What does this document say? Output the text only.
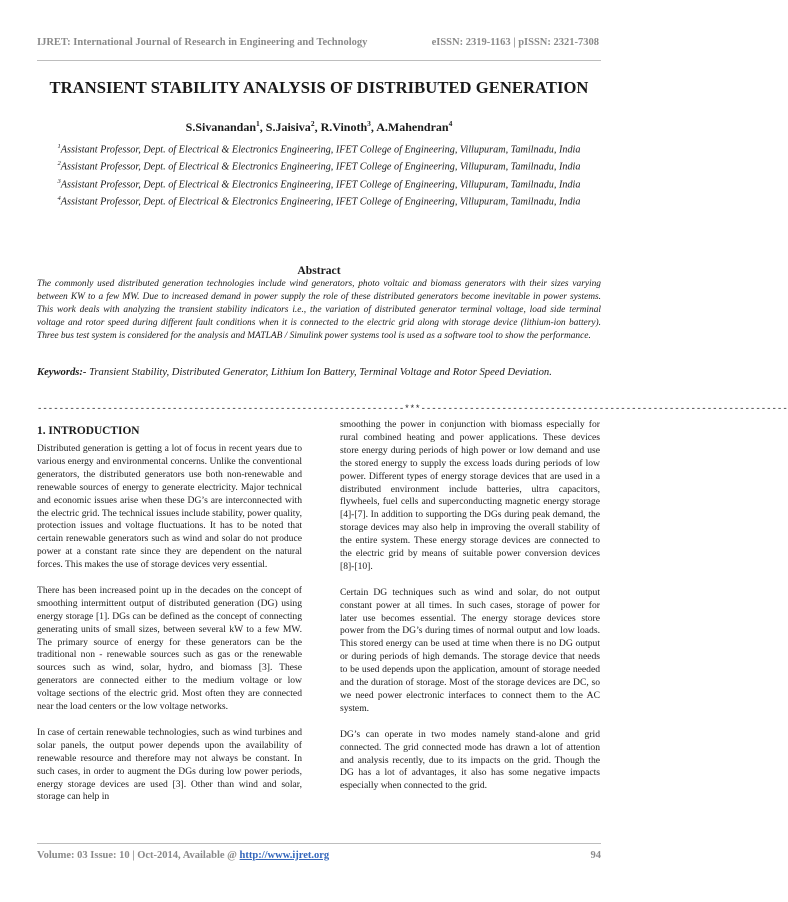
IJRET: International Journal of Research in Engineering and Technology	eISSN: 2319-1163 | pISSN: 2321-7308
TRANSIENT STABILITY ANALYSIS OF DISTRIBUTED GENERATION
S.Sivanandan$^1$, S.Jaisiva$^2$, R.Vinoth$^3$, A.Mahendran$^4$
$^1$Assistant Professor, Dept. of Electrical & Electronics Engineering, IFET College of Engineering, Villupuram, Tamilnadu, India
$^2$Assistant Professor, Dept. of Electrical & Electronics Engineering, IFET College of Engineering, Villupuram, Tamilnadu, India
$^3$Assistant Professor, Dept. of Electrical & Electronics Engineering, IFET College of Engineering, Villupuram, Tamilnadu, India
$^4$Assistant Professor, Dept. of Electrical & Electronics Engineering, IFET College of Engineering, Villupuram, Tamilnadu, India
Abstract
The commonly used distributed generation technologies include wind generators, photo voltaic and biomass generators with their sizes varying between KW to a few MW. Due to increased demand in power supply the role of these distributed generators become inevitable in power systems. This work deals with analyzing the transient stability indicators i.e., the variation of distributed generator terminal voltage, load side terminal voltage and rotor speed during different fault conditions when it is connected to the electric grid along with storage device (lithium-ion battery). Three bus test system is considered for the analysis and MATLAB / Simulink power systems tool is used as a software tool to show the performance.
Keywords:- Transient Stability, Distributed Generator, Lithium Ion Battery, Terminal Voltage and Rotor Speed Deviation.
--------------------------------------------------------------------***--------------------------------------------------------------------
1. INTRODUCTION

Distributed generation is getting a lot of focus in recent years due to various energy and environmental concerns. Unlike the conventional generators, the distributed generators use both non-renewable and renewable sources of energy to generate electricity. Major technical and economic issues arise when these DG’s are interconnected with the electric grid. The technical issues include stability, power quality, protection issues and voltage fluctuations. It has to be noted that certain renewable generators such as wind and solar do not produce power at a constant rate since they are dependent on the natural forces. This makes the use of storage devices very essential.

There has been increased point up in the decades on the concept of smoothing intermittent output of distributed generation (DG) using energy storage [1]. DGs can be defined as the concept of connecting generating units of small sizes, between several kW to a few MW. The primary source of energy for these generators can be the traditional non - renewable sources such as gas or the renewable sources such as wind, solar, hydro, and biomass [3]. These generators are connected either to the medium voltage or low voltage sections of the electric grid. Most often they are connected near the load centers or the low voltage networks.

In case of certain renewable technologies, such as wind turbines and solar panels, the output power depends upon the availability of renewable resource and therefore may not always be constant. In such cases, in order to augment the DGs during low power periods, energy storage devices are used [3]. Other than wind and solar, storage can help in

smoothing the power in conjunction with biomass especially for rural combined heating and power applications. These devices store energy during periods of high power or low demand and use the stored energy to supply the excess loads during periods of low power. Different types of energy storage devices that are used in a distributed environment include batteries, ultra capacitors, flywheels, fuel cells and superconducting magnetic energy storage [4]-[7]. In addition to supporting the DGs during peak demand, the storage devices may also help in improving the overall stability of the entire system. These energy storage devices are connected to the electric grid by means of suitable power conversion devices [8]-[10].

Certain DG techniques such as wind and solar, do not output constant power at all times. In such cases, storage of power for later use becomes essential. The energy storage devices store power from the DG’s during times of normal output and low loads. This stored energy can be used at time when there is no DG output or during periods of high demands. The storage device that needs to be used depends upon the application, amount of storage needed and the duration of storage. Most of the storage devices are DC, so we need power electronic interfaces to connect them to the AC system.

DG’s can operate in two modes namely stand-alone and grid connected. The grid connected mode has drawn a lot of attention and analysis recently, due to its impacts on the grid. Though the DG has a lot of advantages, it also has some negative impacts especially when connected to the grid.

Volume: 03 Issue: 10 | Oct-2014, Available @ http://www.ijret.org	94
